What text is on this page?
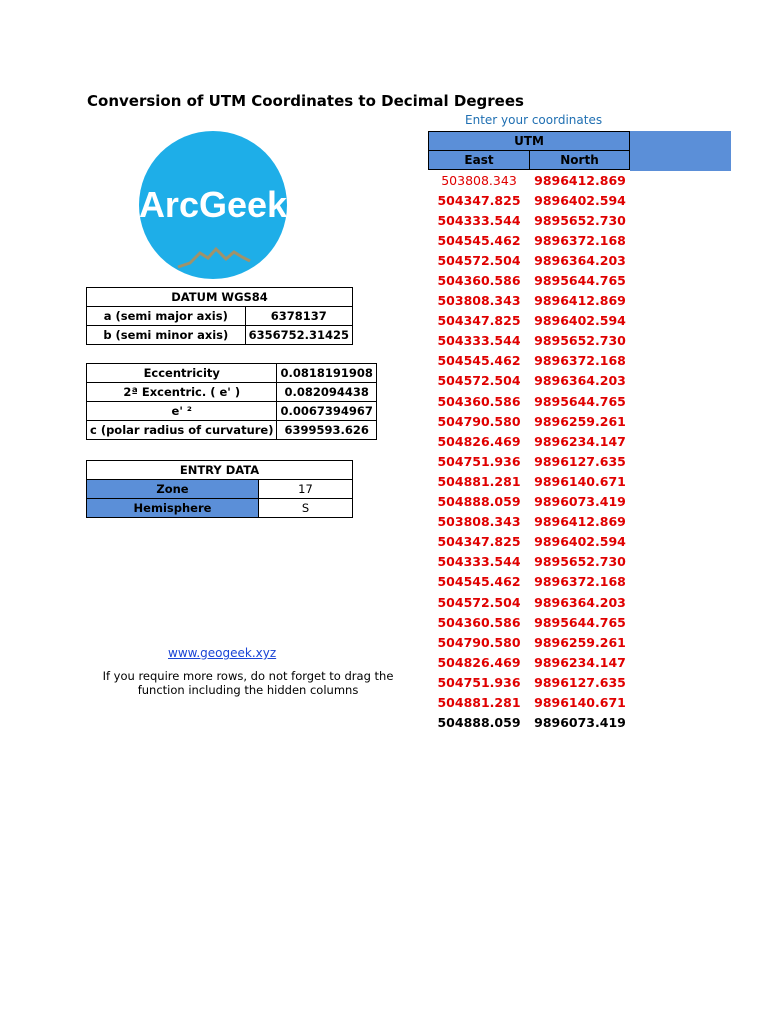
Conversion of UTM Coordinates to Decimal Degrees
ArcGeek
DATUM WGS84	
a (semi major axis)	6378137
b (semi minor axis)	6356752.31425
Eccentricity	0.0818191908
2ª Excentric. ( e' )	0.082094438
e' ²	0.0067394967
c (polar radius of curvature)	6399593.626
ENTRY DATA	
Zone	17
Hemisphere	S
www.geogeek.xyz
If you require more rows, do not forget to drag the function including the hidden columns
Enter your coordinates
UTM
East	North
503808.343	9896412.869
504347.825	9896402.594
504333.544	9895652.730
504545.462	9896372.168
504572.504	9896364.203
504360.586	9895644.765
503808.343	9896412.869
504347.825	9896402.594
504333.544	9895652.730
504545.462	9896372.168
504572.504	9896364.203
504360.586	9895644.765
504790.580	9896259.261
504826.469	9896234.147
504751.936	9896127.635
504881.281	9896140.671
504888.059	9896073.419
503808.343	9896412.869
504347.825	9896402.594
504333.544	9895652.730
504545.462	9896372.168
504572.504	9896364.203
504360.586	9895644.765
504790.580	9896259.261
504826.469	9896234.147
504751.936	9896127.635
504881.281	9896140.671
504888.059	9896073.419
